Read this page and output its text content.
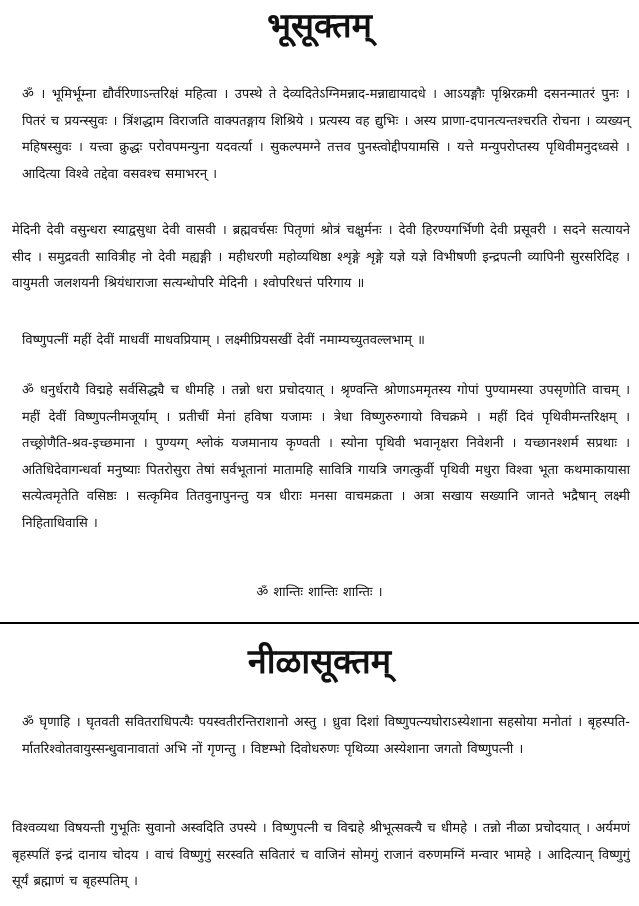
भूसूक्तम्

ॐ । भूमिर्भूम्ना द्यौर्वरिणाऽन्तरिक्षं महित्वा । उपस्थे ते देव्यदितेऽग्निमन्नाद-मन्नाद्यायादधे । आऽयङ्गौः पृश्निरक्रमी दसनन्मातरं पुनः । पितरं च प्रयन्स्सुवः । त्रिंशद्धाम विराजति वाक्पतङ्गाय शिश्रिये । प्रत्यस्य वह द्युभिः । अस्य प्राणा-दपानत्यन्तश्चरति रोचना । व्यख्यन् महिषस्सुवः । यत्त्वा क्रुद्धः परोवपमन्युना यदवर्त्या । सुकल्पमग्ने तत्तव पुनस्त्वोद्दीपयामसि । यत्ते मन्युपरोप्तस्य पृथिवीमनुदध्वसे । आदित्या विश्वे तद्देवा वसवश्च समाभरन् ।

मेदिनी देवी वसुन्धरा स्याद्वसुधा देवी वासवी । ब्रह्मवर्चसः पितृणां श्रोत्रं चक्षुर्मनः । देवी हिरण्यगर्भिणी देवी प्रसूवरी । सदने सत्यायने सीद । समुद्रवती सावित्रीह नो देवी मह्यङ्गी । महीधरणी महोव्यथिष्ठा श्शृङ्गे शृङ्गे यज्ञे यज्ञे विभीषणी इन्द्रपत्नी व्यापिनी सुरसरिदिह । वायुमती जलशयनी श्रियंधाराजा सत्यन्धोपरि मेदिनी । श्वोपरिधत्तं परिगाय ॥

विष्णुपत्नीं महीं देवीं माधवीं माधवप्रियाम् । लक्ष्मीप्रियसखीं देवीं नमाम्यच्युतवल्लभाम् ॥

ॐ धनुर्धरायै विद्महे सर्वसिद्ध्यै च धीमहि । तन्नो धरा प्रचोदयात् । श्रृण्वन्ति श्रोणाऽममृतस्य गोपां पुण्यामस्या उपसृणोति वाचम् । महीं देवीं विष्णुपत्नीमजूर्याम् । प्रतीचीं मेनां हविषा यजामः । त्रेधा विष्णुरुरुगायो विचक्रमे । महीं दिवं पृथिवीमन्तरिक्षम् । तच्छ्रोणैति-श्रव-इच्छमाना । पुण्यग्ग् श्लोकं यजमानाय कृण्वती । स्योना पृथिवी भवानृक्षरा निवेशनी । यच्छानश्शर्म सप्रथाः । अतिधिदेवागन्धर्वा मनुष्याः पितरोसुरा तेषां सर्वभूतानां मातामहि सावित्रि गायत्रि जगत्कुर्वी पृथिवी मधुरा विश्वा भूता कथमाकायासा सत्येत्वमृतेति वसिष्ठः । सत्कृमिव तितवुनापुनन्तु यत्र धीराः मनसा वाचमक्रता । अत्रा सखाय सख्यानि जानते भद्रैषान् लक्ष्मी निहिताधिवासि ।

ॐ शान्तिः शान्तिः शान्तिः ।

नीळासूक्तम्

ॐ घृणाहि । घृतवती सवितराधिपत्यैः पयस्वतीरन्तिराशानो अस्तु । ध्रुवा दिशां विष्णुपत्न्यघोराऽस्येशाना सहसोया मनोतां । बृहस्पति-र्मातरिश्वोतवायुस्सन्धुवानावातां अभि नों गृणन्तु । विष्टम्भो दिवोधरुणः पृथिव्या अस्येशाना जगतो विष्णुपत्नी ।

विश्वव्यथा विषयन्ती गुभूतिः सुवानो अस्वदिति उपस्ये । विष्णुपत्नी च विद्महे श्रीभूत्सक्त्यै च धीमहे । तन्नो नीळा प्रचोदयात् । अर्यमणं बृहस्पतिं इन्द्रं दानाय चोदय । वाचं विष्णुगुं सरस्वति सवितारं च वाजिनं सोमगुं राजानं वरुणमग्निं मन्वार भामहे । आदित्यान् विष्णुगुं सूर्यं ब्रह्माणं च बृहस्पतिम् ।
